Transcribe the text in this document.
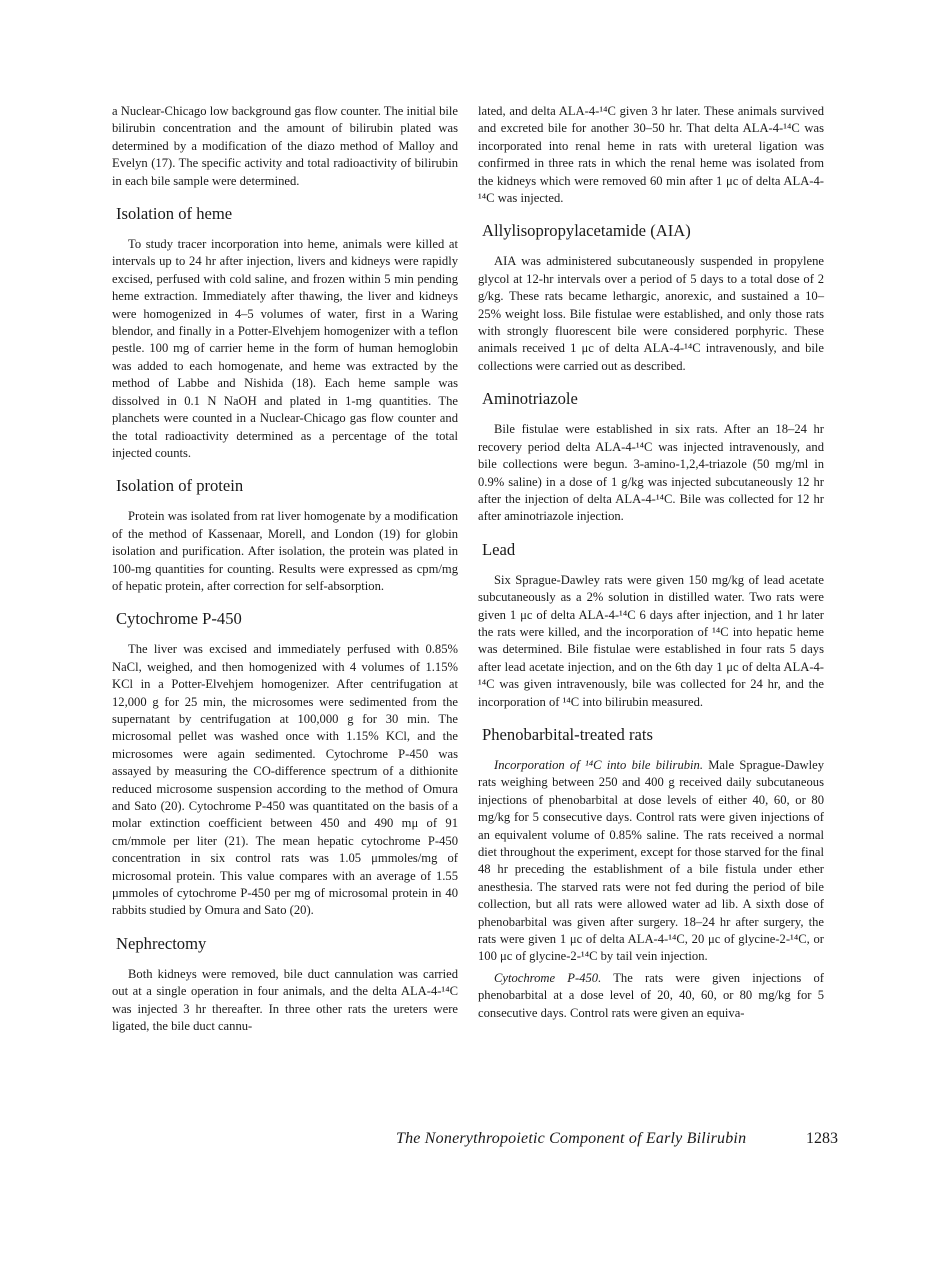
a Nuclear-Chicago low background gas flow counter. The initial bile bilirubin concentration and the amount of bilirubin plated was determined by a modification of the diazo method of Malloy and Evelyn (17). The specific activity and total radioactivity of bilirubin in each bile sample were determined.

Isolation of heme

To study tracer incorporation into heme, animals were killed at intervals up to 24 hr after injection, livers and kidneys were rapidly excised, perfused with cold saline, and frozen within 5 min pending heme extraction. Immediately after thawing, the liver and kidneys were homogenized in 4–5 volumes of water, first in a Waring blendor, and finally in a Potter-Elvehjem homogenizer with a teflon pestle. 100 mg of carrier heme in the form of human hemoglobin was added to each homogenate, and heme was extracted by the method of Labbe and Nishida (18). Each heme sample was dissolved in 0.1 N NaOH and plated in 1-mg quantities. The planchets were counted in a Nuclear-Chicago gas flow counter and the total radioactivity determined as a percentage of the total injected counts.

Isolation of protein

Protein was isolated from rat liver homogenate by a modification of the method of Kassenaar, Morell, and London (19) for globin isolation and purification. After isolation, the protein was plated in 100-mg quantities for counting. Results were expressed as cpm/mg of hepatic protein, after correction for self-absorption.

Cytochrome P-450

The liver was excised and immediately perfused with 0.85% NaCl, weighed, and then homogenized with 4 volumes of 1.15% KCl in a Potter-Elvehjem homogenizer. After centrifugation at 12,000 g for 25 min, the microsomes were sedimented from the supernatant by centrifugation at 100,000 g for 30 min. The microsomal pellet was washed once with 1.15% KCl, and the microsomes were again sedimented. Cytochrome P-450 was assayed by measuring the CO-difference spectrum of a dithionite reduced microsome suspension according to the method of Omura and Sato (20). Cytochrome P-450 was quantitated on the basis of a molar extinction coefficient between 450 and 490 mμ of 91 cm/mmole per liter (21). The mean hepatic cytochrome P-450 concentration in six control rats was 1.05 μmmoles/mg of microsomal protein. This value compares with an average of 1.55 μmmoles of cytochrome P-450 per mg of microsomal protein in 40 rabbits studied by Omura and Sato (20).

Nephrectomy

Both kidneys were removed, bile duct cannulation was carried out at a single operation in four animals, and the delta ALA-4-¹⁴C was injected 3 hr thereafter. In three other rats the ureters were ligated, the bile duct cannu-

lated, and delta ALA-4-¹⁴C given 3 hr later. These animals survived and excreted bile for another 30–50 hr. That delta ALA-4-¹⁴C was incorporated into renal heme in rats with ureteral ligation was confirmed in three rats in which the renal heme was isolated from the kidneys which were removed 60 min after 1 μc of delta ALA-4-¹⁴C was injected.

Allylisopropylacetamide (AIA)

AIA was administered subcutaneously suspended in propylene glycol at 12-hr intervals over a period of 5 days to a total dose of 2 g/kg. These rats became lethargic, anorexic, and sustained a 10–25% weight loss. Bile fistulae were established, and only those rats with strongly fluorescent bile were considered porphyric. These animals received 1 μc of delta ALA-4-¹⁴C intravenously, and bile collections were carried out as described.

Aminotriazole

Bile fistulae were established in six rats. After an 18–24 hr recovery period delta ALA-4-¹⁴C was injected intravenously, and bile collections were begun. 3-amino-1,2,4-triazole (50 mg/ml in 0.9% saline) in a dose of 1 g/kg was injected subcutaneously 12 hr after the injection of delta ALA-4-¹⁴C. Bile was collected for 12 hr after aminotriazole injection.

Lead

Six Sprague-Dawley rats were given 150 mg/kg of lead acetate subcutaneously as a 2% solution in distilled water. Two rats were given 1 μc of delta ALA-4-¹⁴C 6 days after injection, and 1 hr later the rats were killed, and the incorporation of ¹⁴C into hepatic heme was determined. Bile fistulae were established in four rats 5 days after lead acetate injection, and on the 6th day 1 μc of delta ALA-4-¹⁴C was given intravenously, bile was collected for 24 hr, and the incorporation of ¹⁴C into bilirubin measured.

Phenobarbital-treated rats

Incorporation of ¹⁴C into bile bilirubin. Male Sprague-Dawley rats weighing between 250 and 400 g received daily subcutaneous injections of phenobarbital at dose levels of either 40, 60, or 80 mg/kg for 5 consecutive days. Control rats were given injections of an equivalent volume of 0.85% saline. The rats received a normal diet throughout the experiment, except for those starved for the final 48 hr preceding the establishment of a bile fistula under ether anesthesia. The starved rats were not fed during the period of bile collection, but all rats were allowed water ad lib. A sixth dose of phenobarbital was given after surgery. 18–24 hr after surgery, the rats were given 1 μc of delta ALA-4-¹⁴C, 20 μc of glycine-2-¹⁴C, or 100 μc of glycine-2-¹⁴C by tail vein injection.

Cytochrome P-450. The rats were given injections of phenobarbital at a dose level of 20, 40, 60, or 80 mg/kg for 5 consecutive days. Control rats were given an equiva-

The Nonerythropoietic Component of Early Bilirubin	1283
